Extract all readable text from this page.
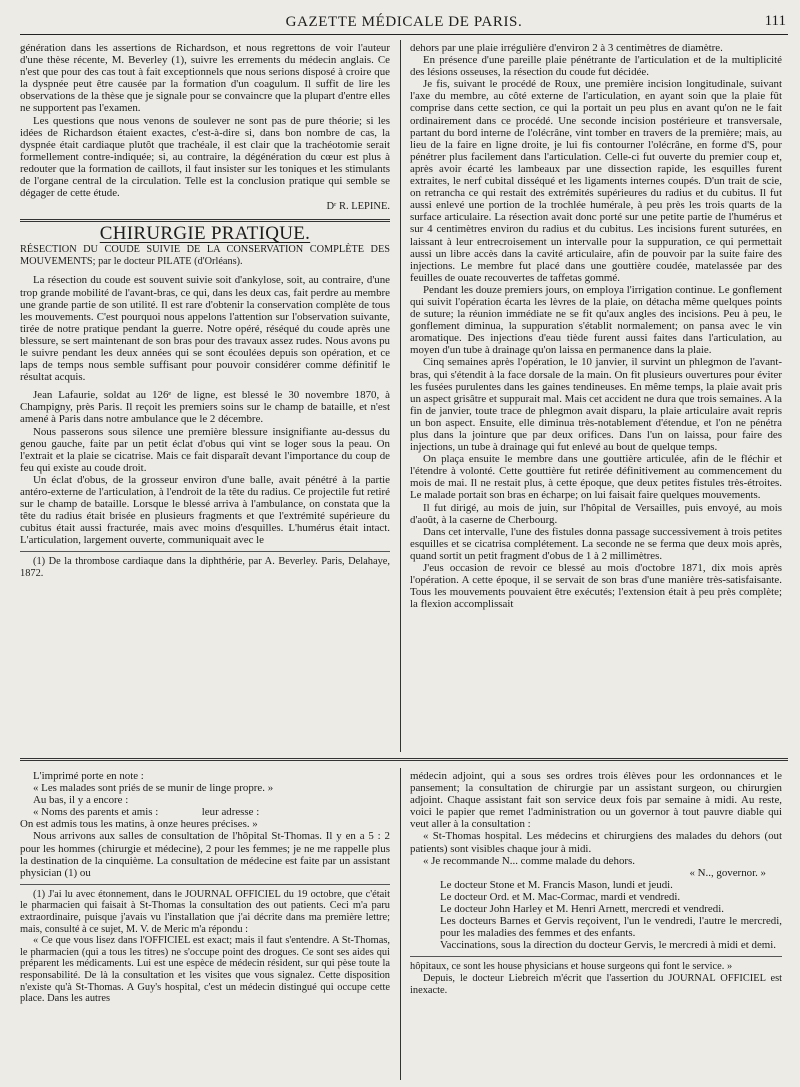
GAZETTE MÉDICALE DE PARIS.	111

génération dans les assertions de Richardson, et nous regrettons de voir l'auteur d'une thèse récente, M. Beverley (1), suivre les errements du médecin anglais. Ce n'est que pour des cas tout à fait exceptionnels que nous serions disposé à croire que la dyspnée peut être causée par la formation d'un coagulum. Il suffit de lire les observations de la thèse que je signale pour se convaincre que la plupart d'entre elles ne supportent pas l'examen.

Les questions que nous venons de soulever ne sont pas de pure théorie; si les idées de Richardson étaient exactes, c'est-à-dire si, dans bon nombre de cas, la dyspnée était cardiaque plutôt que trachéale, il est clair que la trachéotomie serait formellement contre-indiquée; si, au contraire, la dégénération du cœur est plus à redouter que la formation de caillots, il faut insister sur les toniques et les stimulants de l'organe central de la circulation. Telle est la conclusion pratique qui semble se dégager de cette étude.

Dʳ R. LEPINE.
CHIRURGIE PRATIQUE.

RÉSECTION DU COUDE SUIVIE DE LA CONSERVATION COMPLÈTE DES MOUVEMENTS; par le docteur PILATE (d'Orléans).

La résection du coude est souvent suivie soit d'ankylose, soit, au contraire, d'une trop grande mobilité de l'avant-bras, ce qui, dans les deux cas, fait perdre au membre une grande partie de son utilité. Il est rare d'obtenir la conservation complète de tous les mouvements. C'est pourquoi nous appelons l'attention sur l'observation suivante, tirée de notre pratique pendant la guerre. Notre opéré, réséqué du coude après une blessure, se sert maintenant de son bras pour des travaux assez rudes. Nous avons pu le suivre pendant les deux années qui se sont écoulées depuis son opération, et ce laps de temps nous semble suffisant pour pouvoir considérer comme définitif le résultat acquis.

Jean Lafaurie, soldat au 126ᵉ de ligne, est blessé le 30 novembre 1870, à Champigny, près Paris. Il reçoit les premiers soins sur le champ de bataille, et n'est amené à Paris dans notre ambulance que le 2 décembre.

Nous passerons sous silence une première blessure insignifiante au-dessus du genou gauche, faite par un petit éclat d'obus qui vint se loger sous la peau. On l'extrait et la plaie se cicatrise. Mais ce fait disparaît devant l'importance du coup de feu qui existe au coude droit.

Un éclat d'obus, de la grosseur environ d'une balle, avait pénétré à la partie antéro-externe de l'articulation, à l'endroit de la tête du radius. Ce projectile fut retiré sur le champ de bataille. Lorsque le blessé arriva à l'ambulance, on constata que la tête du radius était brisée en plusieurs fragments et que l'extrémité supérieure du cubitus était aussi fracturée, mais avec moins d'esquilles. L'humérus était intact. L'articulation, largement ouverte, communiquait avec le

(1) De la thrombose cardiaque dans la diphthérie, par A. Beverley. Paris, Delahaye, 1872.

dehors par une plaie irrégulière d'environ 2 à 3 centimètres de diamètre.

En présence d'une pareille plaie pénétrante de l'articulation et de la multiplicité des lésions osseuses, la résection du coude fut décidée.

Je fis, suivant le procédé de Roux, une première incision longitudinale, suivant l'axe du membre, au côté externe de l'articulation, en ayant soin que la plaie fût comprise dans cette section, ce qui la portait un peu plus en avant qu'on ne le fait ordinairement dans ce procédé. Une seconde incision postérieure et transversale, partant du bord interne de l'olécrâne, vint tomber en travers de la première; mais, au lieu de la faire en ligne droite, je lui fis contourner l'olécrâne, en forme d'S, pour pénétrer plus facilement dans l'articulation. Celle-ci fut ouverte du premier coup et, après avoir écarté les lambeaux par une dissection rapide, les esquilles furent extraites, le nerf cubital disséqué et les ligaments internes coupés. D'un trait de scie, on retrancha ce qui restait des extrémités supérieures du radius et du cubitus. Il fut aussi enlevé une portion de la trochlée humérale, à peu près les trois quarts de la surface articulaire. La résection avait donc porté sur une petite partie de l'humérus et sur 4 centimètres environ du radius et du cubitus. Les incisions furent suturées, en laissant à leur entrecroisement un intervalle pour la suppuration, ce qui permettait aussi un libre accès dans la cavité articulaire, afin de pouvoir par la suite faire des injections. Le membre fut placé dans une gouttière coudée, matelassée par des feuilles de ouate recouvertes de taffetas gommé.

Pendant les douze premiers jours, on employa l'irrigation continue. Le gonflement qui suivit l'opération écarta les lèvres de la plaie, on détacha même quelques points de suture; la réunion immédiate ne se fit qu'aux angles des incisions. Peu à peu, le gonflement diminua, la suppuration s'établit normalement; on pansa avec le vin aromatique. Des injections d'eau tiède furent aussi faites dans l'articulation, au moyen d'un tube à drainage qu'on laissa en permanence dans la plaie.

Cinq semaines après l'opération, le 10 janvier, il survint un phlegmon de l'avant-bras, qui s'étendit à la face dorsale de la main. On fit plusieurs ouvertures pour éviter les fusées purulentes dans les gaines tendineuses. En même temps, la plaie avait pris un aspect grisâtre et suppurait mal. Mais cet accident ne dura que trois semaines. A la fin de janvier, toute trace de phlegmon avait disparu, la plaie articulaire avait repris un bon aspect. Ensuite, elle diminua très-notablement d'étendue, et l'on ne pénétra plus dans la jointure que par deux orifices. Dans l'un on laissa, pour faire des injections, un tube à drainage qui fut enlevé au bout de quelque temps.

On plaça ensuite le membre dans une gouttière articulée, afin de le fléchir et l'étendre à volonté. Cette gouttière fut retirée définitivement au commencement du mois de mai. Il ne restait plus, à cette époque, que deux petites fistules très-étroites. Le malade portait son bras en écharpe; on lui faisait faire quelques mouvements.

Il fut dirigé, au mois de juin, sur l'hôpital de Versailles, puis envoyé, au mois d'août, à la caserne de Cherbourg.

Dans cet intervalle, l'une des fistules donna passage successivement à trois petites esquilles et se cicatrisa complétement. La seconde ne se ferma que deux mois après, quand sortit un petit fragment d'obus de 1 à 2 millimètres.

J'eus occasion de revoir ce blessé au mois d'octobre 1871, dix mois après l'opération. A cette époque, il se servait de son bras d'une manière très-satisfaisante. Tous les mouvements pouvaient être exécutés; l'extension était à peu près complète; la flexion accomplissait

L'imprimé porte en note :

« Les malades sont priés de se munir de linge propre. »

Au bas, il y a encore :

« Noms des parents et amis :                leur adresse :

On est admis tous les matins, à onze heures précises. »

Nous arrivons aux salles de consultation de l'hôpital St-Thomas. Il y en a 5 : 2 pour les hommes (chirurgie et médecine), 2 pour les femmes; je ne me rappelle plus la destination de la cinquième. La consultation de médecine est faite par un assistant physician (1) ou

(1) J'ai lu avec étonnement, dans le JOURNAL OFFICIEL du 19 octobre, que c'était le pharmacien qui faisait à St-Thomas la consultation des out patients. Ceci m'a paru extraordinaire, puisque j'avais vu l'installation que j'ai décrite dans ma première lettre; mais, consulté à ce sujet, M. V. de Meric m'a répondu :

« Ce que vous lisez dans l'OFFICIEL est exact; mais il faut s'entendre. A St-Thomas, le pharmacien (qui a tous les titres) ne s'occupe point des drogues. Ce sont ses aides qui préparent les médicaments. Lui est une espèce de médecin résident, sur qui pèse toute la responsabilité. De là la consultation et les visites que vous signalez. Cette disposition n'existe qu'à St-Thomas. A Guy's hospital, c'est un médecin distingué qui occupe cette place. Dans les autres

médecin adjoint, qui a sous ses ordres trois élèves pour les ordonnances et le pansement; la consultation de chirurgie par un assistant surgeon, ou chirurgien adjoint. Chaque assistant fait son service deux fois par semaine à midi. Au reste, voici le papier que remet l'administration ou un governor à tout pauvre diable qui veut aller à la consultation :

« St-Thomas hospital. Les médecins et chirurgiens des malades du dehors (out patients) sont visibles chaque jour à midi.

« Je recommande N... comme malade du dehors.

« N.., governor. »

Le docteur Stone et M. Francis Mason, lundi et jeudi.

Le docteur Ord. et M. Mac-Cormac, mardi et vendredi.

Le docteur John Harley et M. Henri Arnett, mercredi et vendredi.

Les docteurs Barnes et Gervis reçoivent, l'un le vendredi, l'autre le mercredi, pour les maladies des femmes et des enfants.

Vaccinations, sous la direction du docteur Gervis, le mercredi à midi et demi.

hôpitaux, ce sont les house physicians et house surgeons qui font le service. »

Depuis, le docteur Liebreich m'écrit que l'assertion du JOURNAL OFFICIEL est inexacte.
